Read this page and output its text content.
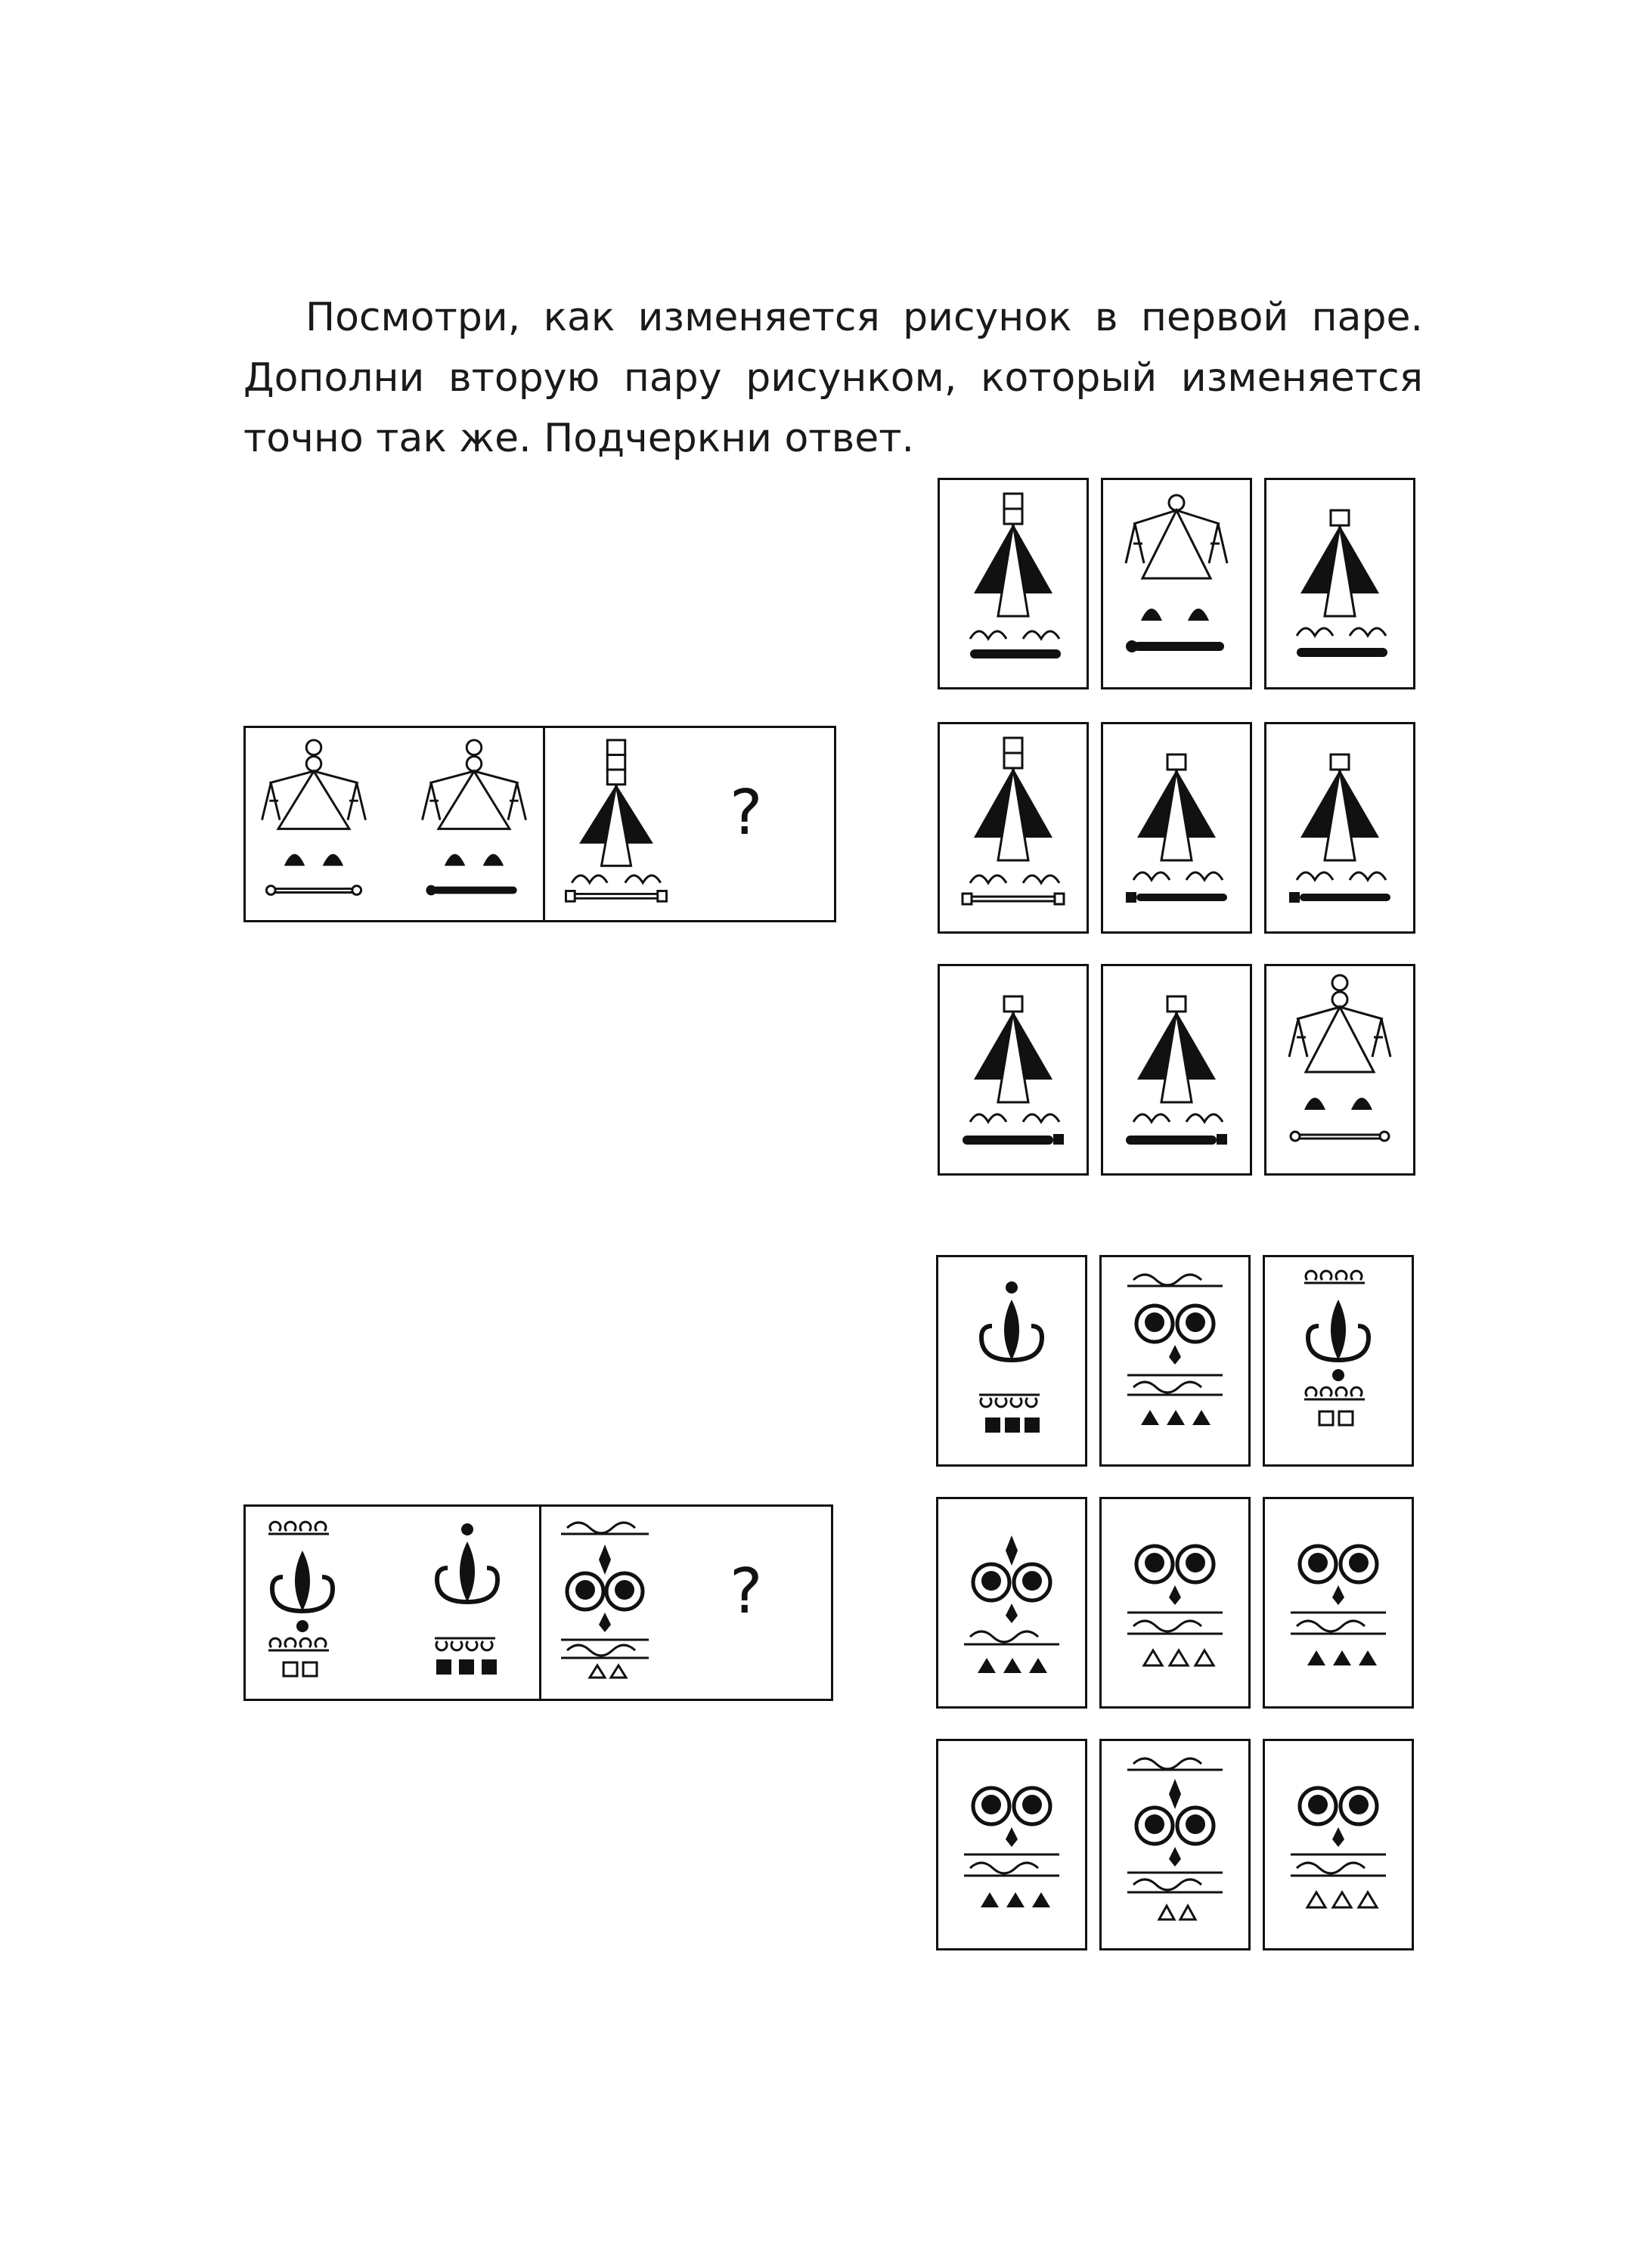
Посмотри, как изменяется рисунок в первой паре.
Дополни вторую пару рисунком, который изменяется
точно так же. Подчеркни ответ.
?
?
